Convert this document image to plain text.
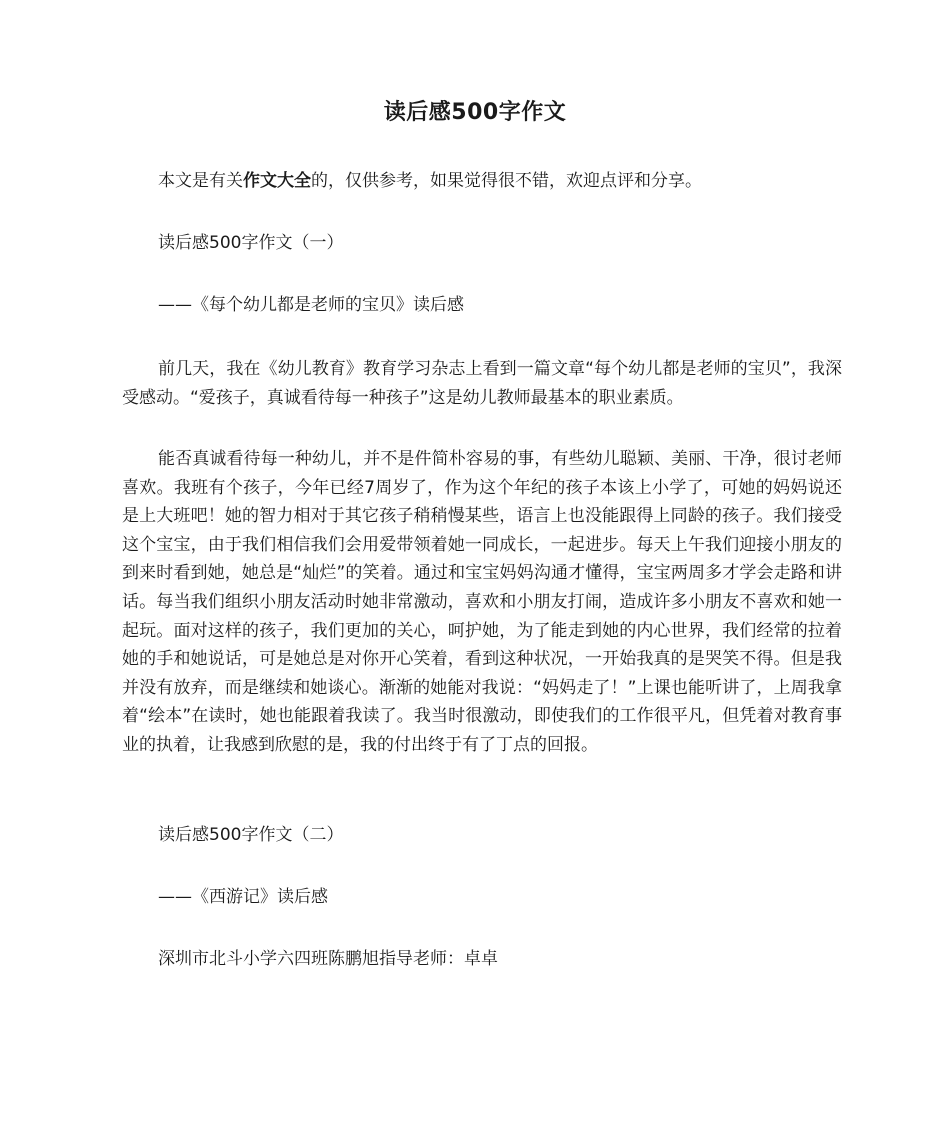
读后感500字作文
本文是有关作文大全的，仅供参考，如果觉得很不错，欢迎点评和分享。
读后感500字作文（一）
——《每个幼儿都是老师的宝贝》读后感

前几天，我在《幼儿教育》教育学习杂志上看到一篇文章“每个幼儿都是老师的宝贝”，我深受感动。“爱孩子，真诚看待每一种孩子”这是幼儿教师最基本的职业素质。

能否真诚看待每一种幼儿，并不是件简朴容易的事，有些幼儿聪颖、美丽、干净，很讨老师喜欢。我班有个孩子，今年已经7周岁了，作为这个年纪的孩子本该上小学了，可她的妈妈说还是上大班吧！她的智力相对于其它孩子稍稍慢某些，语言上也没能跟得上同龄的孩子。我们接受这个宝宝，由于我们相信我们会用爱带领着她一同成长，一起进步。每天上午我们迎接小朋友的到来时看到她，她总是“灿烂”的笑着。通过和宝宝妈妈沟通才懂得，宝宝两周多才学会走路和讲话。每当我们组织小朋友活动时她非常激动，喜欢和小朋友打闹，造成许多小朋友不喜欢和她一起玩。面对这样的孩子，我们更加的关心，呵护她，为了能走到她的内心世界，我们经常的拉着她的手和她说话，可是她总是对你开心笑着，看到这种状况，一开始我真的是哭笑不得。但是我并没有放弃，而是继续和她谈心。渐渐的她能对我说：“妈妈走了！”上课也能听讲了，上周我拿着“绘本”在读时，她也能跟着我读了。我当时很激动，即使我们的工作很平凡，但凭着对教育事业的执着，让我感到欣慰的是，我的付出终于有了丁点的回报。

读后感500字作文（二）
——《西游记》读后感
深圳市北斗小学六四班陈鹏旭指导老师：卓卓
